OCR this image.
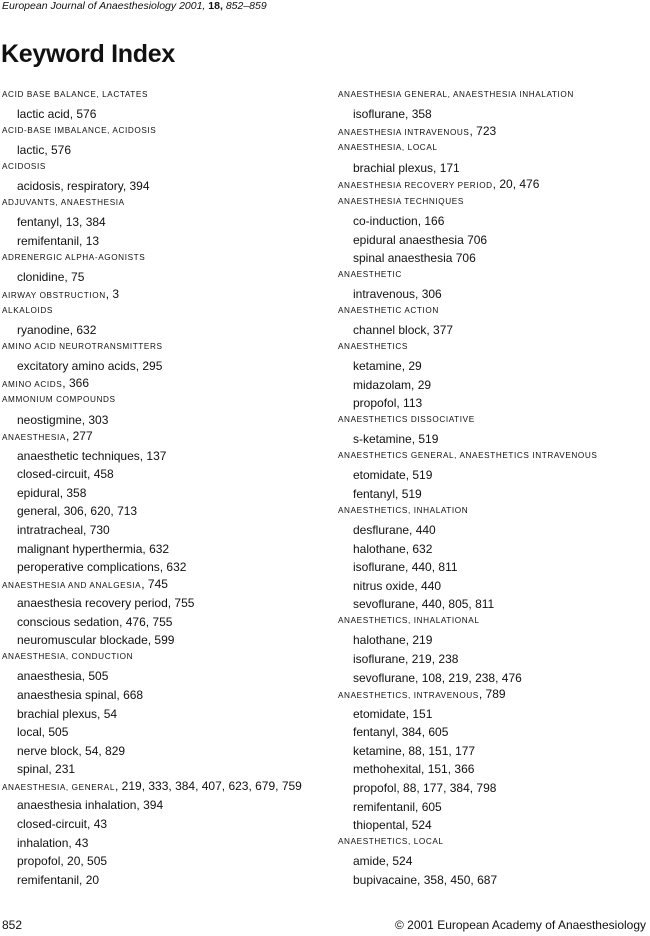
European Journal of Anaesthesiology 2001, 18, 852–859
Keyword Index
ACID BASE BALANCE, LACTATES
lactic acid, 576
ACID-BASE IMBALANCE, ACIDOSIS
lactic, 576
ACIDOSIS
acidosis, respiratory, 394
ADJUVANTS, ANAESTHESIA
fentanyl, 13, 384
remifentanil, 13
ADRENERGIC ALPHA-AGONISTS
clonidine, 75
AIRWAY OBSTRUCTION, 3
ALKALOIDS
ryanodine, 632
AMINO ACID NEUROTRANSMITTERS
excitatory amino acids, 295
AMINO ACIDS, 366
AMMONIUM COMPOUNDS
neostigmine, 303
ANAESTHESIA, 277
anaesthetic techniques, 137
closed-circuit, 458
epidural, 358
general, 306, 620, 713
intratracheal, 730
malignant hyperthermia, 632
peroperative complications, 632
ANAESTHESIA AND ANALGESIA, 745
anaesthesia recovery period, 755
conscious sedation, 476, 755
neuromuscular blockade, 599
ANAESTHESIA, CONDUCTION
anaesthesia, 505
anaesthesia spinal, 668
brachial plexus, 54
local, 505
nerve block, 54, 829
spinal, 231
ANAESTHESIA, GENERAL, 219, 333, 384, 407, 623, 679, 759
anaesthesia inhalation, 394
closed-circuit, 43
inhalation, 43
propofol, 20, 505
remifentanil, 20
ANAESTHESIA GENERAL, ANAESTHESIA INHALATION
isoflurane, 358
ANAESTHESIA INTRAVENOUS, 723
ANAESTHESIA, LOCAL
brachial plexus, 171
ANAESTHESIA RECOVERY PERIOD, 20, 476
ANAESTHESIA TECHNIQUES
co-induction, 166
epidural anaesthesia 706
spinal anaesthesia 706
ANAESTHETIC
intravenous, 306
ANAESTHETIC ACTION
channel block, 377
ANAESTHETICS
ketamine, 29
midazolam, 29
propofol, 113
ANAESTHETICS DISSOCIATIVE
s-ketamine, 519
ANAESTHETICS GENERAL, ANAESTHETICS INTRAVENOUS
etomidate, 519
fentanyl, 519
ANAESTHETICS, INHALATION
desflurane, 440
halothane, 632
isoflurane, 440, 811
nitrus oxide, 440
sevoflurane, 440, 805, 811
ANAESTHETICS, INHALATIONAL
halothane, 219
isoflurane, 219, 238
sevoflurane, 108, 219, 238, 476
ANAESTHETICS, INTRAVENOUS, 789
etomidate, 151
fentanyl, 384, 605
ketamine, 88, 151, 177
methohexital, 151, 366
propofol, 88, 177, 384, 798
remifentanil, 605
thiopental, 524
ANAESTHETICS, LOCAL
amide, 524
bupivacaine, 358, 450, 687
852	© 2001 European Academy of Anaesthesiology
